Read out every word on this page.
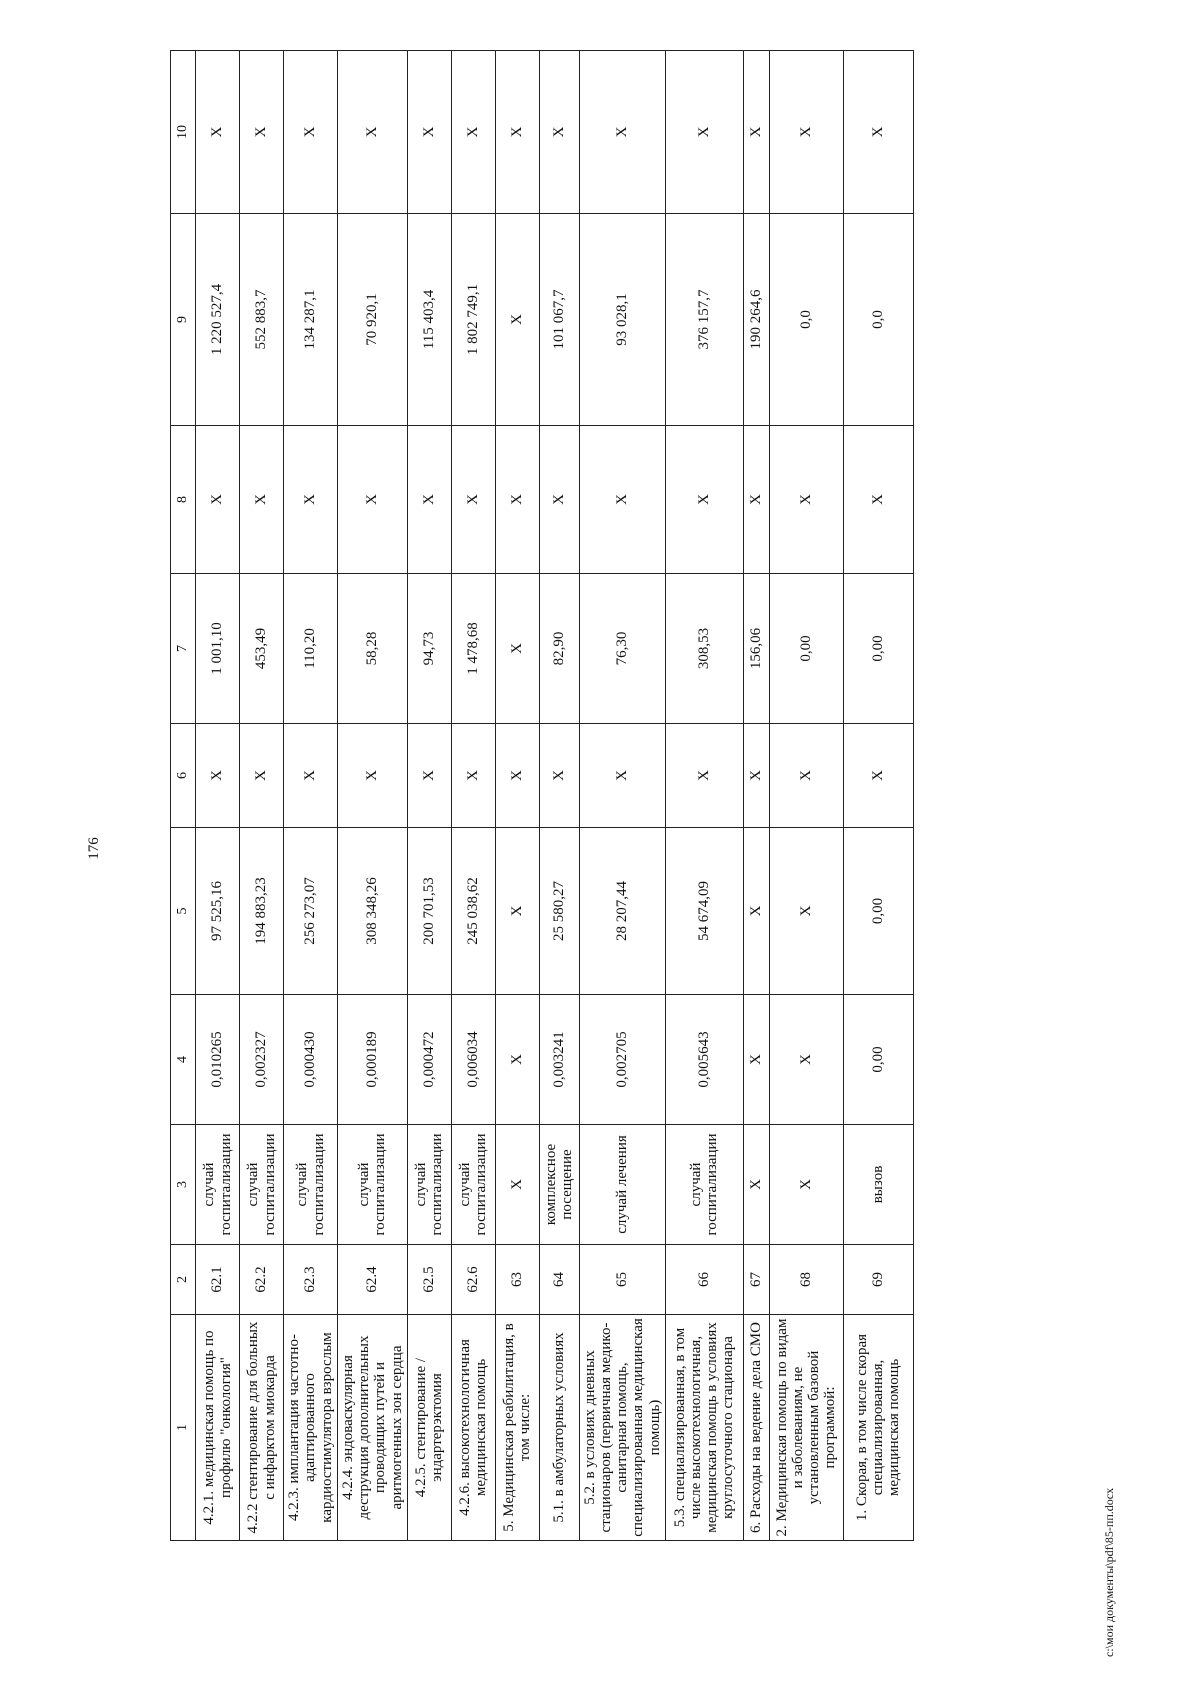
176
1	2	3	4	5	6	7	8	9	10
4.2.1. медицинская помощь по профилю "онкология"	62.1	случай госпитализации	0,010265	97 525,16	X	1 001,10	X	1 220 527,4	X
4.2.2 стентирование для больных с инфарктом миокарда	62.2	случай госпитализации	0,002327	194 883,23	X	453,49	X	552 883,7	X
4.2.3. имплантация частотно-адаптированного кардиостимулятора взрослым	62.3	случай госпитализации	0,000430	256 273,07	X	110,20	X	134 287,1	X
4.2.4. эндоваскулярная деструкция дополнительных проводящих путей и аритмогенных зон сердца	62.4	случай госпитализации	0,000189	308 348,26	X	58,28	X	70 920,1	X
4.2.5. стентирование / эндартерэктомия	62.5	случай госпитализации	0,000472	200 701,53	X	94,73	X	115 403,4	X
4.2.6. высокотехнологичная медицинская помощь	62.6	случай госпитализации	0,006034	245 038,62	X	1 478,68	X	1 802 749,1	X
5. Медицинская реабилитация, в том числе:	63	X	X	X	X	X	X	X	X
5.1. в амбулаторных условиях	64	комплексное посещение	0,003241	25 580,27	X	82,90	X	101 067,7	X
5.2. в условиях дневных стационаров (первичная медико-санитарная помощь, специализированная медицинская помощь)	65	случай лечения	0,002705	28 207,44	X	76,30	X	93 028,1	X
5.3. специализированная, в том числе высокотехнологичная, медицинская помощь в условиях круглосуточного стационара	66	случай госпитализации	0,005643	54 674,09	X	308,53	X	376 157,7	X
6. Расходы на ведение дела СМО	67	X	X	X	X	156,06	X	190 264,6	X
2. Медицинская помощь по видам и заболеваниям, не установленным базовой программой:	68	X	X	X	X	0,00	X	0,0	X
1. Скорая, в том числе скорая специализированная, медицинская помощь	69	вызов	0,00	0,00	X	0,00	X	0,0	X
c:\мои документы\pdf\85-пп.docx
